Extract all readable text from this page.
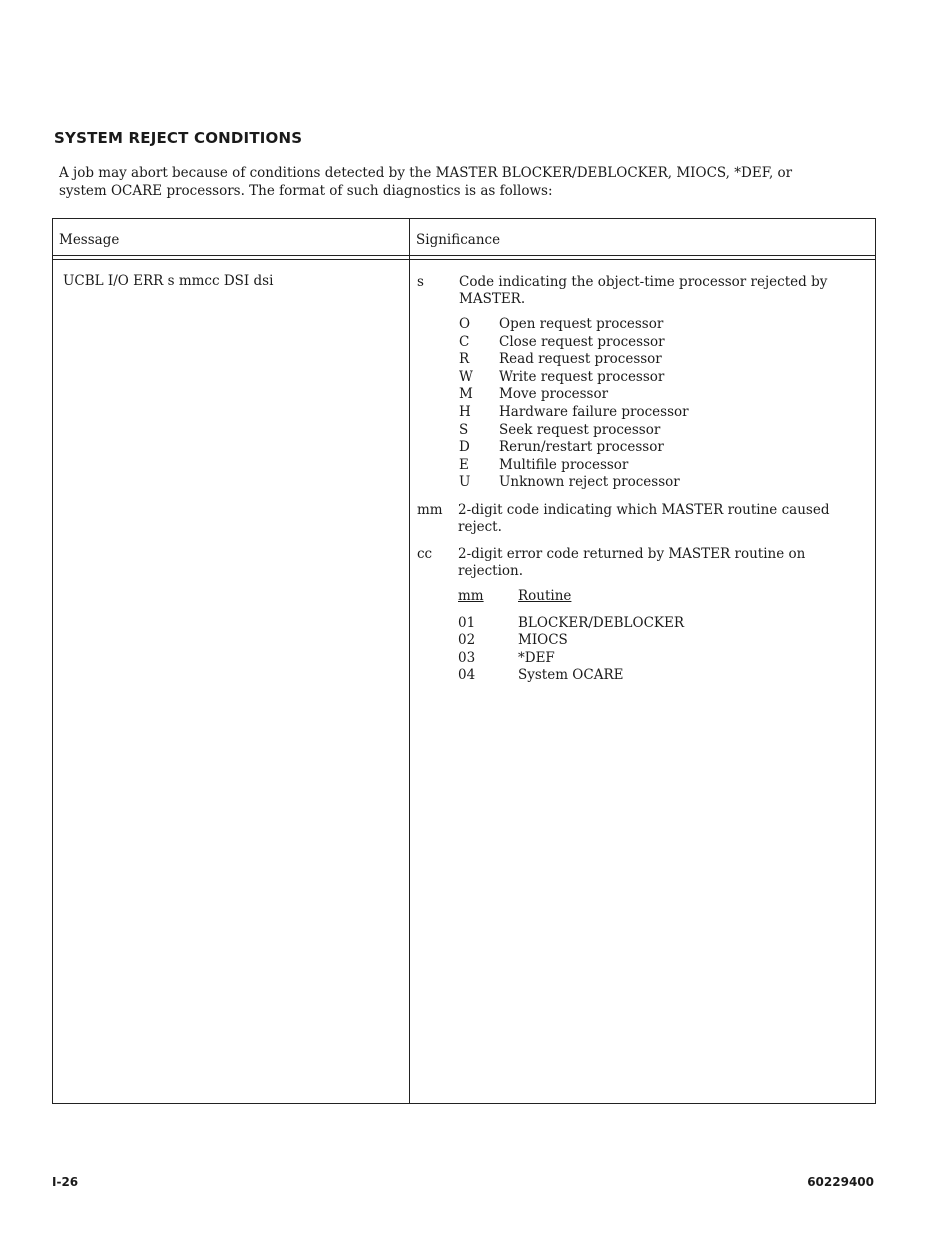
SYSTEM REJECT CONDITIONS

A job may abort because of conditions detected by the MASTER BLOCKER/DEBLOCKER, MIOCS, *DEF, or
system OCARE processors. The format of such diagnostics is as follows:

Message	Significance
UCBL I/O ERR s mmcc DSI dsi	s	Code indicating the object-time processor rejected by
MASTER.
O	Open request processor
C	Close request processor
R	Read request processor
W	Write request processor
M	Move processor
H	Hardware failure processor
S	Seek request processor
D	Rerun/restart processor
E	Multifile processor
U	Unknown reject processor
mm 2-digit code indicating which MASTER routine caused
reject.
cc 2-digit error code returned by MASTER routine on
rejection.
mm	Routine
01	BLOCKER/DEBLOCKER
02	MIOCS
03	*DEF
04	System OCARE
I-26	60229400
